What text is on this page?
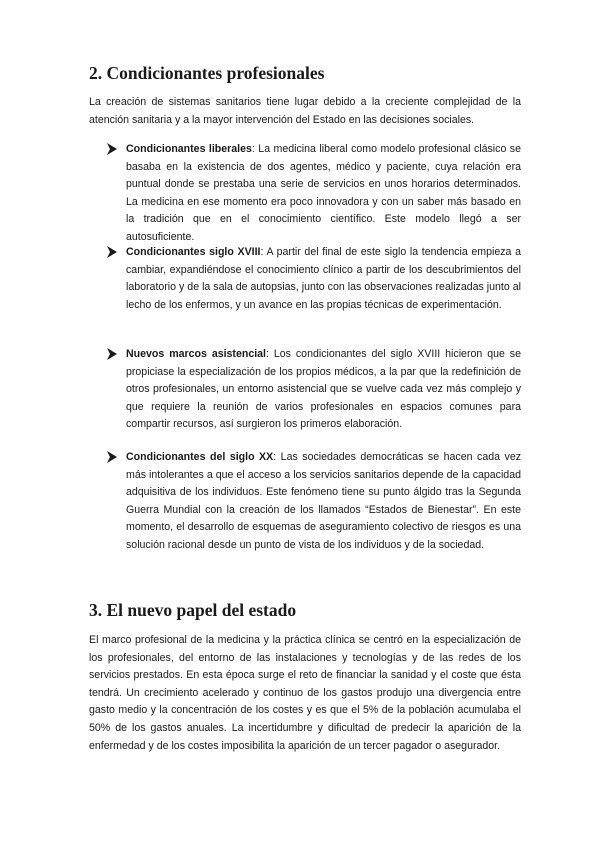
2. Condicionantes profesionales

La creación de sistemas sanitarios tiene lugar debido a la creciente complejidad de la atención sanitaria y a la mayor intervención del Estado en las decisiones sociales.

Condicionantes liberales: La medicina liberal como modelo profesional clásico se basaba en la existencia de dos agentes, médico y paciente, cuya relación era puntual donde se prestaba una serie de servicios en unos horarios determinados. La medicina en ese momento era poco innovadora y con un saber más basado en la tradición que en el conocimiento científico. Este modelo llegó a ser autosuficiente.
Condicionantes siglo XVIII: A partir del final de este siglo la tendencia empieza a cambiar, expandiéndose el conocimiento clínico a partir de los descubrimientos del laboratorio y de la sala de autopsias, junto con las observaciones realizadas junto al lecho de los enfermos, y un avance en las propias técnicas de experimentación.
Nuevos marcos asistencial: Los condicionantes del siglo XVIII hicieron que se propiciase la especialización de los propios médicos, a la par que la redefinición de otros profesionales, un entorno asistencial que se vuelve cada vez más complejo y que requiere la reunión de varios profesionales en espacios comunes para compartir recursos, así surgieron los primeros elaboración.
Condicionantes del siglo XX: Las sociedades democráticas se hacen cada vez más intolerantes a que el acceso a los servicios sanitarios depende de la capacidad adquisitiva de los individuos. Este fenómeno tiene su punto álgido tras la Segunda Guerra Mundial con la creación de los llamados “Estados de Bienestar”. En este momento, el desarrollo de esquemas de aseguramiento colectivo de riesgos es una solución racional desde un punto de vista de los individuos y de la sociedad.
3. El nuevo papel del estado

El marco profesional de la medicina y la práctica clínica se centró en la especialización de los profesionales, del entorno de las instalaciones y tecnologías y de las redes de los servicios prestados. En esta época surge el reto de financiar la sanidad y el coste que ésta tendrá. Un crecimiento acelerado y continuo de los gastos produjo una divergencia entre gasto medio y la concentración de los costes y es que el 5% de la población acumulaba el 50% de los gastos anuales. La incertidumbre y dificultad de predecir la aparición de la enfermedad y de los costes imposibilita la aparición de un tercer pagador o asegurador.
